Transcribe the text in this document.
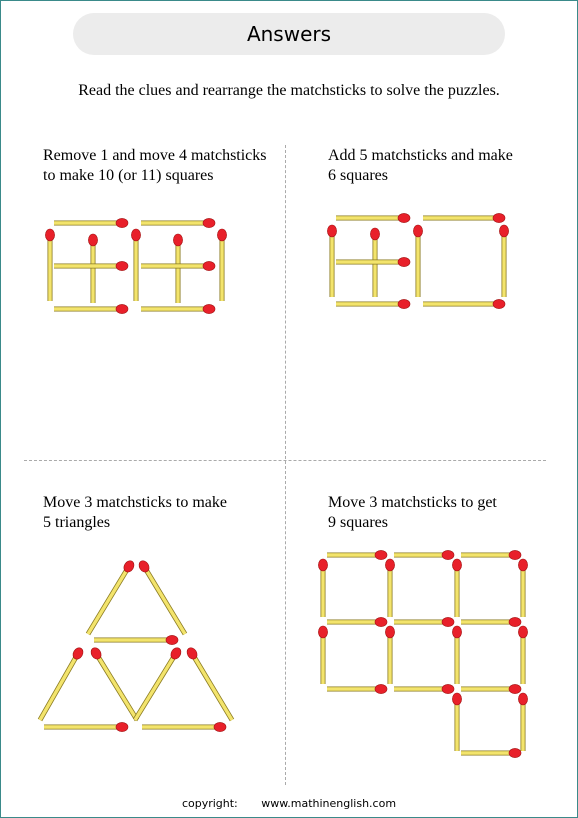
Answers
Read the clues and rearrange the matchsticks to solve the puzzles.
Remove 1 and move 4 matchsticks
to make 10 (or 11) squares
Add 5 matchsticks and make
6 squares
Move 3 matchsticks to make
5 triangles
Move 3 matchsticks to get
9 squares
copyright: www.mathinenglish.com
